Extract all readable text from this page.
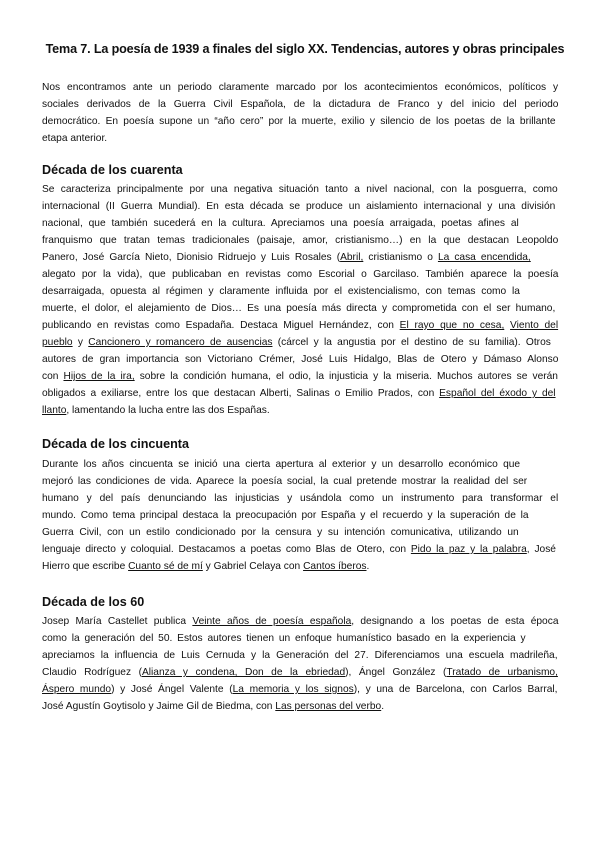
Tema 7. La poesía de 1939 a finales del siglo XX. Tendencias, autores y obras principales
Nos encontramos ante un periodo claramente marcado por los acontecimientos económicos, políticos y
sociales derivados de la Guerra Civil Española, de la dictadura de Franco y del inicio del periodo
democrático. En poesía supone un “año cero” por la muerte, exilio y silencio de los poetas de la brillante
etapa anterior.
Década de los cuarenta
Se caracteriza principalmente por una negativa situación tanto a nivel nacional, con la posguerra, como
internacional (II Guerra Mundial). En esta década se produce un aislamiento internacional y una división
nacional, que también sucederá en la cultura. Apreciamos una poesía arraigada, poetas afines al
franquismo que tratan temas tradicionales (paisaje, amor, cristianismo…) en la que destacan Leopoldo
Panero, José García Nieto, Dionisio Ridruejo y Luis Rosales (Abril, cristianismo o La casa encendida,
alegato por la vida), que publicaban en revistas como Escorial o Garcilaso. También aparece la poesía
desarraigada, opuesta al régimen y claramente influida por el existencialismo, con temas como la
muerte, el dolor, el alejamiento de Dios… Es una poesía más directa y comprometida con el ser humano,
publicando en revistas como Espadaña. Destaca Miguel Hernández, con El rayo que no cesa, Viento del
pueblo y Cancionero y romancero de ausencias (cárcel y la angustia por el destino de su familia). Otros
autores de gran importancia son Victoriano Crémer, José Luis Hidalgo, Blas de Otero y Dámaso Alonso
con Hijos de la ira, sobre la condición humana, el odio, la injusticia y la miseria. Muchos autores se verán
obligados a exiliarse, entre los que destacan Alberti, Salinas o Emilio Prados, con Español del éxodo y del
llanto, lamentando la lucha entre las dos Españas.
Década de los cincuenta
Durante los años cincuenta se inició una cierta apertura al exterior y un desarrollo económico que
mejoró las condiciones de vida. Aparece la poesía social, la cual pretende mostrar la realidad del ser
humano y del país denunciando las injusticias y usándola como un instrumento para transformar el
mundo. Como tema principal destaca la preocupación por España y el recuerdo y la superación de la
Guerra Civil, con un estilo condicionado por la censura y su intención comunicativa, utilizando un
lenguaje directo y coloquial. Destacamos a poetas como Blas de Otero, con Pido la paz y la palabra, José
Hierro que escribe Cuanto sé de mí y Gabriel Celaya con Cantos íberos.
Década de los 60
Josep María Castellet publica Veinte años de poesía española, designando a los poetas de esta época
como la generación del 50. Estos autores tienen un enfoque humanístico basado en la experiencia y
apreciamos la influencia de Luis Cernuda y la Generación del 27. Diferenciamos una escuela madrileña,
Claudio Rodríguez (Alianza y condena, Don de la ebriedad), Ángel González (Tratado de urbanismo,
Áspero mundo) y José Ángel Valente (La memoria y los signos), y una de Barcelona, con Carlos Barral,
José Agustín Goytisolo y Jaime Gil de Biedma, con Las personas del verbo.
